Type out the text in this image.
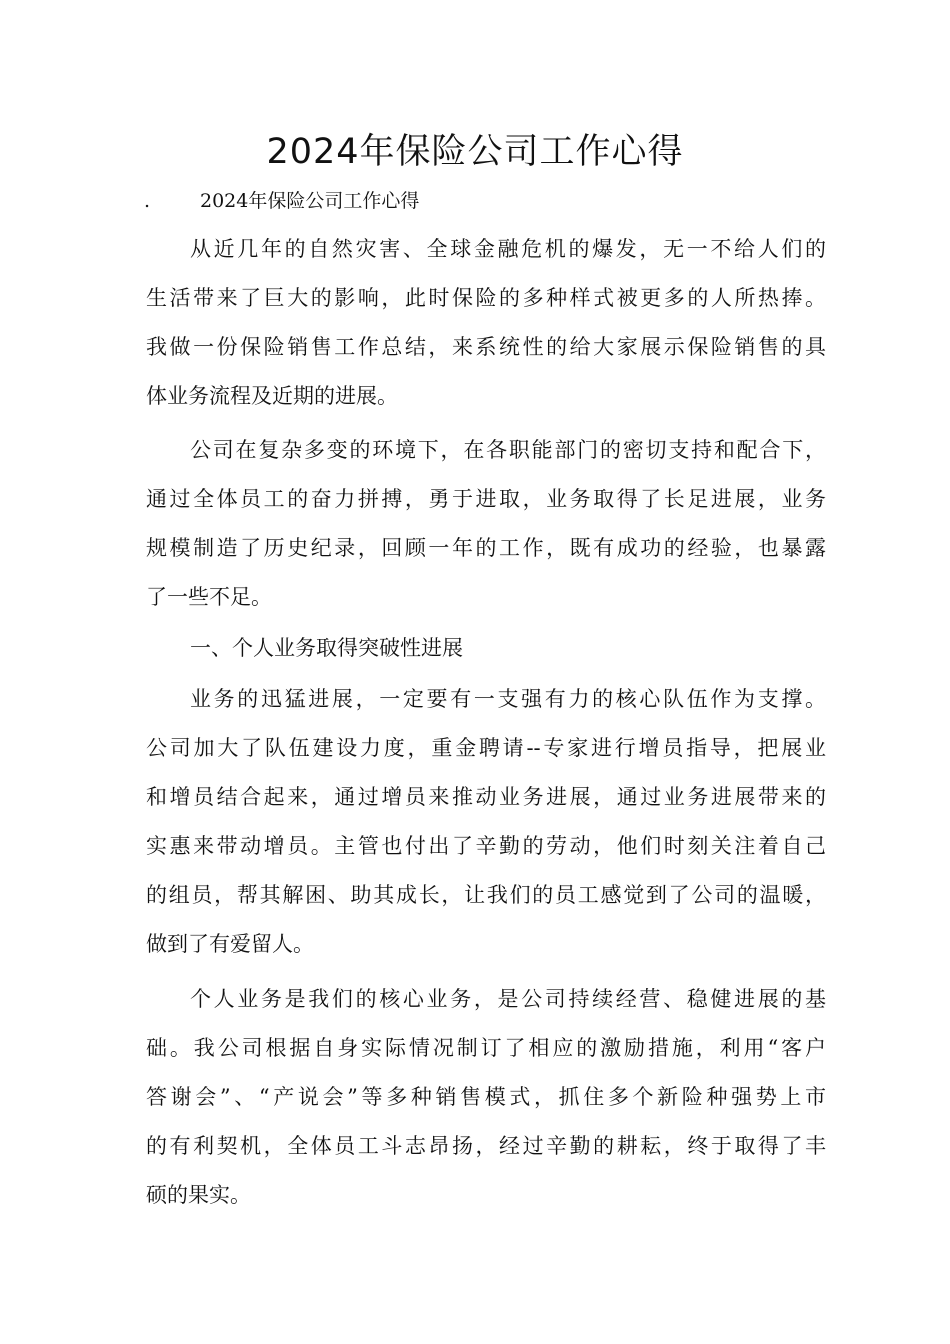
2024年保险公司工作心得
.	2024年保险公司工作心得
从近几年的自然灾害、全球金融危机的爆发，无一不给人们的
生活带来了巨大的影响，此时保险的多种样式被更多的人所热捧。
我做一份保险销售工作总结，来系统性的给大家展示保险销售的具
体业务流程及近期的进展。
公司在复杂多变的环境下，在各职能部门的密切支持和配合下，
通过全体员工的奋力拼搏，勇于进取，业务取得了长足进展，业务
规模制造了历史纪录，回顾一年的工作，既有成功的经验，也暴露
了一些不足。
一、个人业务取得突破性进展
业务的迅猛进展，一定要有一支强有力的核心队伍作为支撑。
公司加大了队伍建设力度，重金聘请--专家进行增员指导，把展业
和增员结合起来，通过增员来推动业务进展，通过业务进展带来的
实惠来带动增员。主管也付出了辛勤的劳动，他们时刻关注着自己
的组员，帮其解困、助其成长，让我们的员工感觉到了公司的温暖，
做到了有爱留人。
个人业务是我们的核心业务，是公司持续经营、稳健进展的基
础。我公司根据自身实际情况制订了相应的激励措施，利用“客户
答谢会”、“产说会”等多种销售模式，抓住多个新险种强势上市
的有利契机，全体员工斗志昂扬，经过辛勤的耕耘，终于取得了丰
硕的果实。
